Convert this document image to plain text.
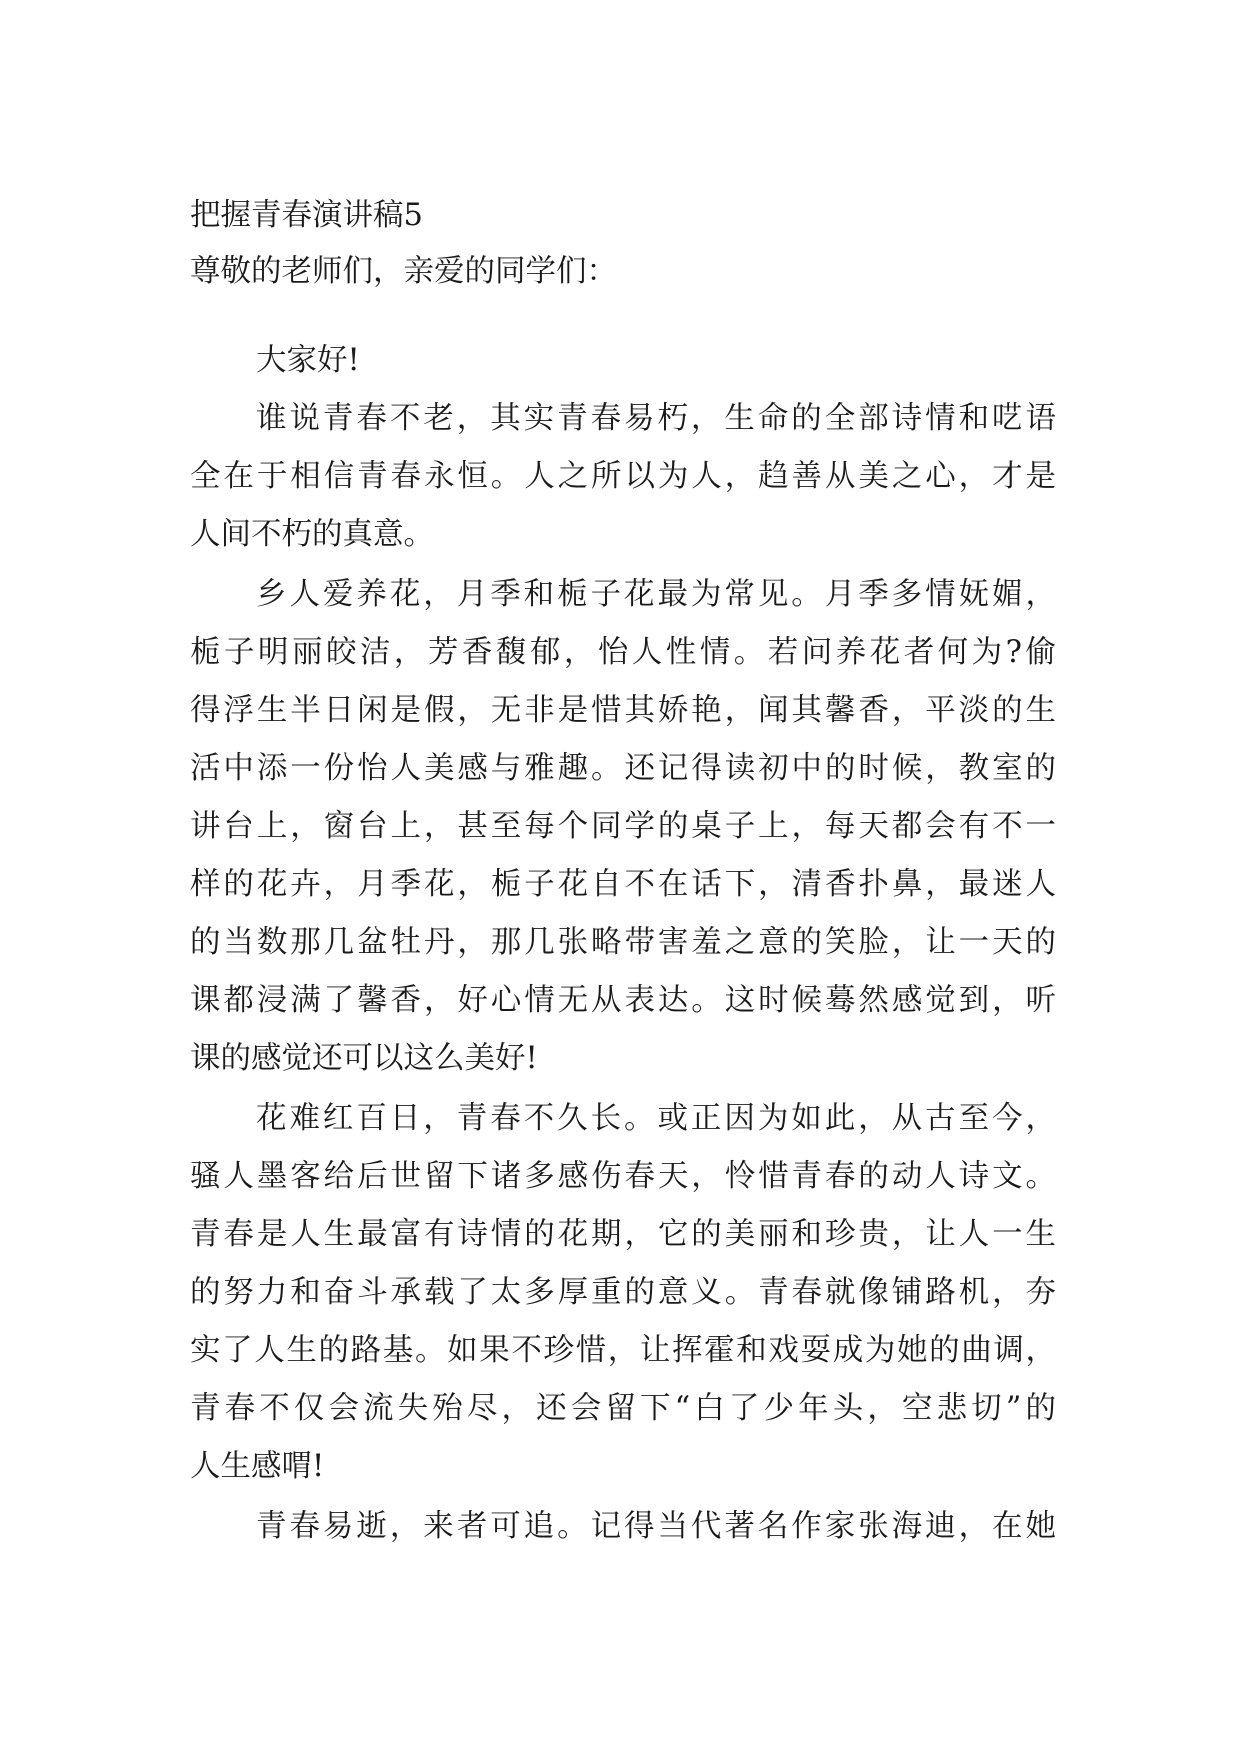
把握青春演讲稿5
尊敬的老师们，亲爱的同学们：
大家好!
谁说青春不老，其实青春易朽，生命的全部诗情和呓语
全在于相信青春永恒。人之所以为人，趋善从美之心，才是
人间不朽的真意。
乡人爱养花，月季和栀子花最为常见。月季多情妩媚，
栀子明丽皎洁，芳香馥郁，怡人性情。若问养花者何为?偷
得浮生半日闲是假，无非是惜其娇艳，闻其馨香，平淡的生
活中添一份怡人美感与雅趣。还记得读初中的时候，教室的
讲台上，窗台上，甚至每个同学的桌子上，每天都会有不一
样的花卉，月季花，栀子花自不在话下，清香扑鼻，最迷人
的当数那几盆牡丹，那几张略带害羞之意的笑脸，让一天的
课都浸满了馨香，好心情无从表达。这时候蓦然感觉到，听
课的感觉还可以这么美好!
花难红百日，青春不久长。或正因为如此，从古至今，
骚人墨客给后世留下诸多感伤春天，怜惜青春的动人诗文。
青春是人生最富有诗情的花期，它的美丽和珍贵，让人一生
的努力和奋斗承载了太多厚重的意义。青春就像铺路机，夯
实了人生的路基。如果不珍惜，让挥霍和戏耍成为她的曲调，
青春不仅会流失殆尽，还会留下“白了少年头，空悲切”的
人生感喟!
青春易逝，来者可追。记得当代著名作家张海迪，在她
